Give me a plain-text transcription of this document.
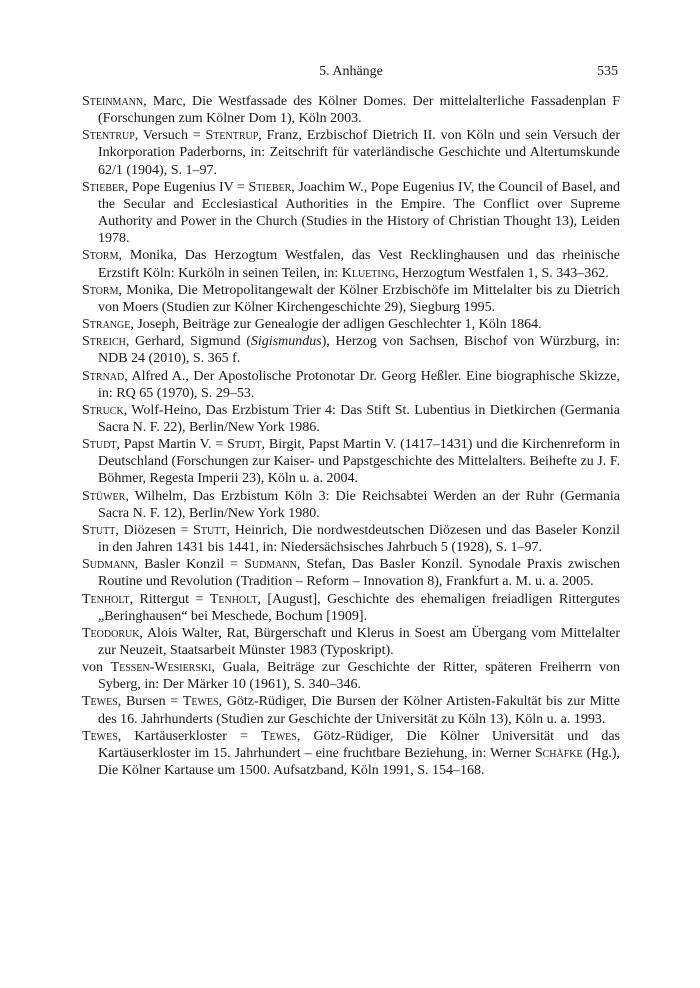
5. Anhänge	535

Steinmann, Marc, Die Westfassade des Kölner Domes. Der mittelalterliche Fassadenplan F (Forschungen zum Kölner Dom 1), Köln 2003.

Stentrup, Versuch = Stentrup, Franz, Erzbischof Dietrich II. von Köln und sein Versuch der Inkorporation Paderborns, in: Zeitschrift für vaterländische Geschichte und Altertumskunde 62/1 (1904), S. 1–97.

Stieber, Pope Eugenius IV = Stieber, Joachim W., Pope Eugenius IV, the Council of Basel, and the Secular and Ecclesiastical Authorities in the Empire. The Conflict over Supreme Authority and Power in the Church (Studies in the History of Christian Thought 13), Leiden 1978.

Storm, Monika, Das Herzogtum Westfalen, das Vest Recklinghausen und das rheinische Erzstift Köln: Kurköln in seinen Teilen, in: Klueting, Herzogtum Westfalen 1, S. 343–362.

Storm, Monika, Die Metropolitangewalt der Kölner Erzbischöfe im Mittelalter bis zu Dietrich von Moers (Studien zur Kölner Kirchengeschichte 29), Siegburg 1995.

Strange, Joseph, Beiträge zur Genealogie der adligen Geschlechter 1, Köln 1864.

Streich, Gerhard, Sigmund (Sigismundus), Herzog von Sachsen, Bischof von Würzburg, in: NDB 24 (2010), S. 365 f.

Strnad, Alfred A., Der Apostolische Protonotar Dr. Georg Heßler. Eine biographische Skizze, in: RQ 65 (1970), S. 29–53.

Struck, Wolf-Heino, Das Erzbistum Trier 4: Das Stift St. Lubentius in Dietkirchen (Germania Sacra N. F. 22), Berlin/New York 1986.

Studt, Papst Martin V. = Studt, Birgit, Papst Martin V. (1417–1431) und die Kirchenreform in Deutschland (Forschungen zur Kaiser- und Papstgeschichte des Mittelalters. Beihefte zu J. F. Böhmer, Regesta Imperii 23), Köln u. a. 2004.

Stüwer, Wilhelm, Das Erzbistum Köln 3: Die Reichsabtei Werden an der Ruhr (Germania Sacra N. F. 12), Berlin/New York 1980.

Stutt, Diözesen = Stutt, Heinrich, Die nordwestdeutschen Diözesen und das Baseler Konzil in den Jahren 1431 bis 1441, in: Niedersächsisches Jahrbuch 5 (1928), S. 1–97.

Sudmann, Basler Konzil = Sudmann, Stefan, Das Basler Konzil. Synodale Praxis zwischen Routine und Revolution (Tradition – Reform – Innovation 8), Frankfurt a. M. u. a. 2005.

Tenholt, Rittergut = Tenholt, [August], Geschichte des ehemaligen freiadligen Rittergutes „Beringhausen“ bei Meschede, Bochum [1909].

Teodoruk, Alois Walter, Rat, Bürgerschaft und Klerus in Soest am Übergang vom Mittelalter zur Neuzeit, Staatsarbeit Münster 1983 (Typoskript).

von Tessen-Wesierski, Guala, Beiträge zur Geschichte der Ritter, späteren Freiherrn von Syberg, in: Der Märker 10 (1961), S. 340–346.

Tewes, Bursen = Tewes, Götz-Rüdiger, Die Bursen der Kölner Artisten-Fakultät bis zur Mitte des 16. Jahrhunderts (Studien zur Geschichte der Universität zu Köln 13), Köln u. a. 1993.

Tewes, Kartäuserkloster = Tewes, Götz-Rüdiger, Die Kölner Universität und das Kartäuserkloster im 15. Jahrhundert – eine fruchtbare Beziehung, in: Werner Schäfke (Hg.), Die Kölner Kartause um 1500. Aufsatzband, Köln 1991, S. 154–168.
